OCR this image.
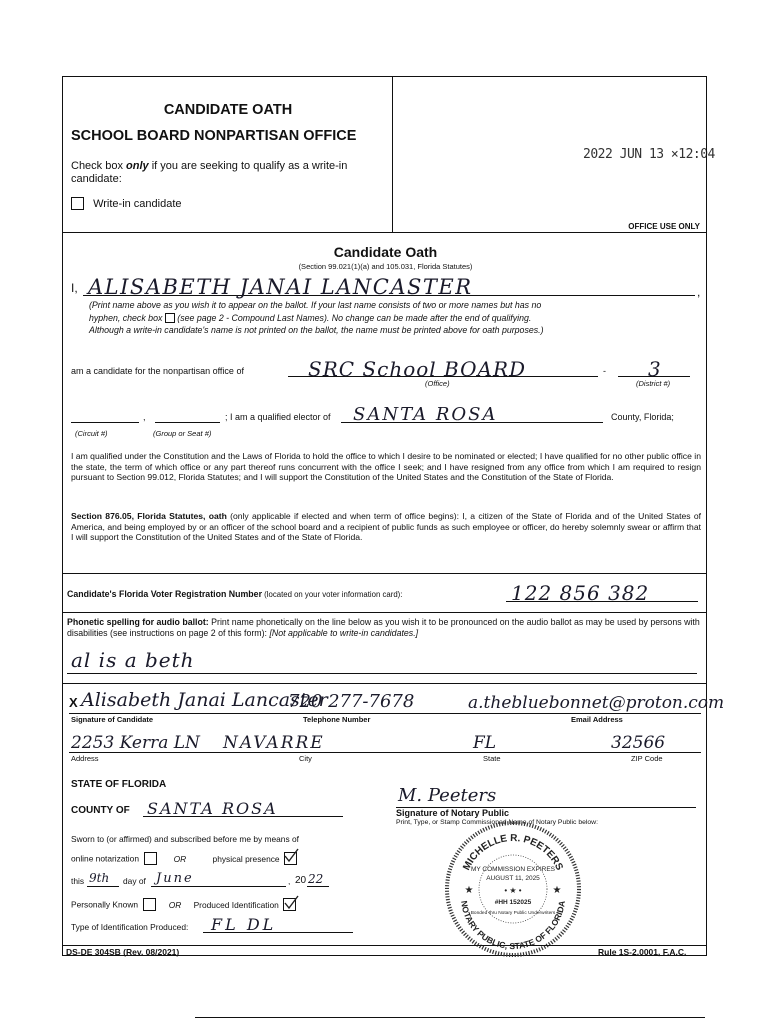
2022 JUN 13 ×12:04
CANDIDATE OATH
SCHOOL BOARD NONPARTISAN OFFICE
Check box only if you are seeking to qualify as a write-in candidate:
Write-in candidate
OFFICE USE ONLY
Candidate Oath
(Section 99.021(1)(a) and 105.031, Florida Statutes)
I, ALISABETH JANAI LANCASTER	,
(Print name above as you wish it to appear on the ballot. If your last name consists of two or more names but has no
hyphen, check box (see page 2 - Compound Last Names). No change can be made after the end of qualifying.
Although a write-in candidate's name is not printed on the ballot, the name must be printed above for oath purposes.)
am a candidate for the nonpartisan office of	SRC School BOARD
(Office)
- 3
(District #)
,
(Circuit #)	(Group or Seat #)
; I am a qualified elector of SANTA ROSA	County, Florida;

I am qualified under the Constitution and the Laws of Florida to hold the office to which I desire to be nominated or elected; I have qualified for no other public office in the state, the term of which office or any part thereof runs concurrent with the office I seek; and I have resigned from any office from which I am required to resign pursuant to Section 99.012, Florida Statutes; and I will support the Constitution of the United States and the Constitution of the State of Florida.

Section 876.05, Florida Statutes, oath (only applicable if elected and when term of office begins): I, a citizen of the State of Florida and of the United States of America, and being employed by or an officer of the school board and a recipient of public funds as such employee or officer, do hereby solemnly swear or affirm that I will support the Constitution of the United States and of the State of Florida.

Candidate's Florida Voter Registration Number (located on your voter information card):	122 856 382
Phonetic spelling for audio ballot: Print name phonetically on the line below as you wish it to be pronounced on the audio ballot as may be used by persons with disabilities (see instructions on page 2 of this form): [Not applicable to write-in candidates.]
al is a beth
X Alisabeth Janai Lancaster
720 277-7678	a.thebluebonnet@proton.com
Signature of Candidate	Telephone Number	Email Address
2253 Kerra LN NAVARRE	FL	32566
Address	City	State	ZIP Code
STATE OF FLORIDA
COUNTY OF SANTA ROSA
Sworn to (or affirmed) and subscribed before me by means of
online notarization	OR	physical presence
this 9th day of June	, 20 22
Personally Known	OR Produced Identification
Type of Identification Produced: FL DL
M. Peeters
Signature of Notary Public
Print, Type, or Stamp Commissioned Name of Notary Public below:
MICHELLE R. PEETERS
NOTARY PUBLIC, STATE OF FLORIDA
MY COMMISSION EXPIRES
AUGUST 11, 2025
• ★ •
#HH 152025
Bonded thru Notary Public Underwriters
★	★
DS-DE 304SB (Rev. 08/2021)	Rule 1S-2.0001, F.A.C.
